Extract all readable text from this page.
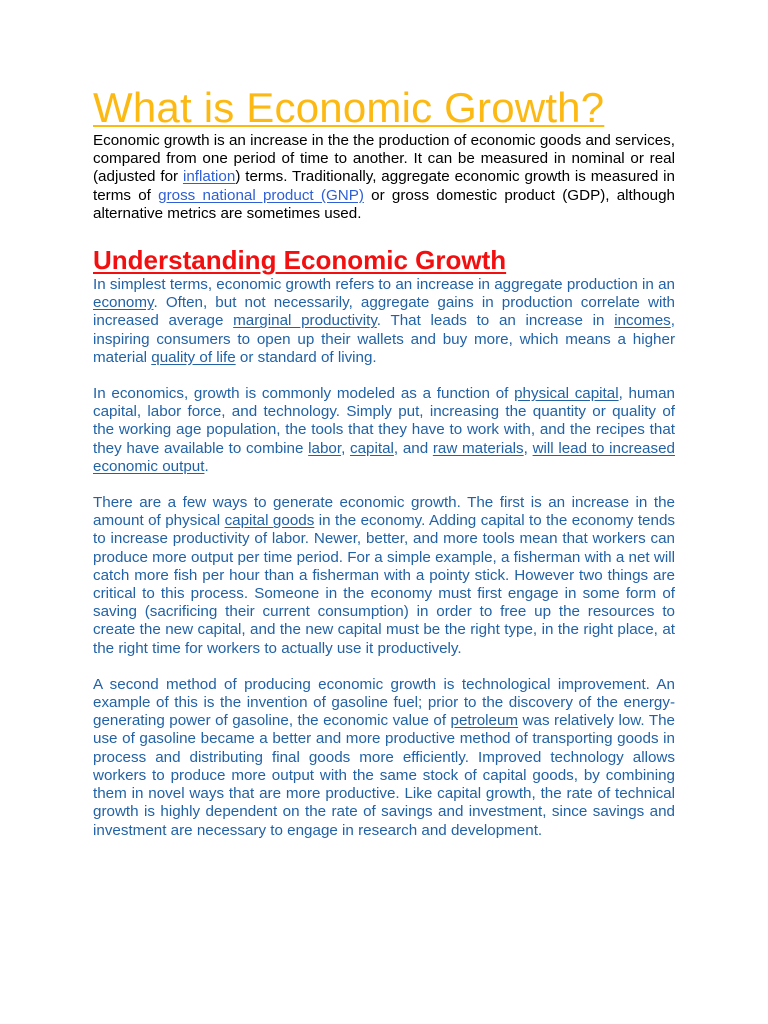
What is Economic Growth?

Economic growth is an increase in the the production of economic goods and services, compared from one period of time to another. It can be measured in nominal or real (adjusted for inflation) terms. Traditionally, aggregate economic growth is measured in terms of gross national product (GNP) or gross domestic product (GDP), although alternative metrics are sometimes used.

Understanding Economic Growth

In simplest terms, economic growth refers to an increase in aggregate production in an economy. Often, but not necessarily, aggregate gains in production correlate with increased average marginal productivity. That leads to an increase in incomes, inspiring consumers to open up their wallets and buy more, which means a higher material quality of life or standard of living.

In economics, growth is commonly modeled as a function of physical capital, human capital, labor force, and technology. Simply put, increasing the quantity or quality of the working age population, the tools that they have to work with, and the recipes that they have available to combine labor, capital, and raw materials, will lead to increased economic output.

There are a few ways to generate economic growth. The first is an increase in the amount of physical capital goods in the economy. Adding capital to the economy tends to increase productivity of labor. Newer, better, and more tools mean that workers can produce more output per time period. For a simple example, a fisherman with a net will catch more fish per hour than a fisherman with a pointy stick. However two things are critical to this process. Someone in the economy must first engage in some form of saving (sacrificing their current consumption) in order to free up the resources to create the new capital, and the new capital must be the right type, in the right place, at the right time for workers to actually use it productively.

A second method of producing economic growth is technological improvement. An example of this is the invention of gasoline fuel; prior to the discovery of the energy-generating power of gasoline, the economic value of petroleum was relatively low. The use of gasoline became a better and more productive method of transporting goods in process and distributing final goods more efficiently. Improved technology allows workers to produce more output with the same stock of capital goods, by combining them in novel ways that are more productive. Like capital growth, the rate of technical growth is highly dependent on the rate of savings and investment, since savings and investment are necessary to engage in research and development.
